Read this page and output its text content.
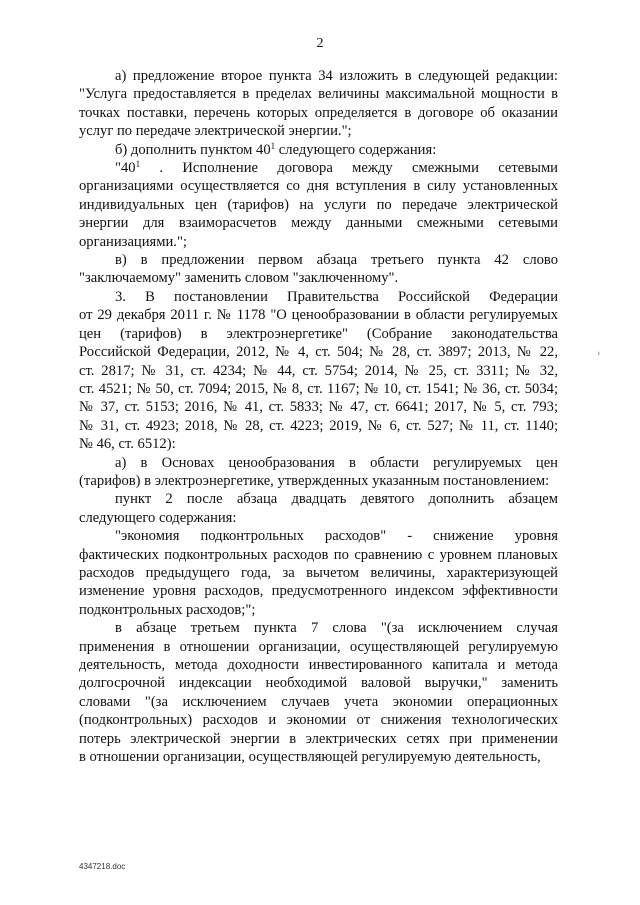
2
›
а) предложение второе пункта 34 изложить в следующей редакции:
"Услуга предоставляется в пределах величины максимальной мощности в
точках поставки, перечень которых определяется в договоре об оказании
услуг по передаче электрической энергии.";
б) дополнить пунктом $40^1$ следующего содержания:
"$40^1$ . Исполнение договора между смежными сетевыми
организациями осуществляется со дня вступления в силу установленных
индивидуальных цен (тарифов) на услуги по передаче электрической
энергии для взаиморасчетов между данными смежными сетевыми
организациями.";
в) в предложении первом абзаца третьего пункта 42 слово
"заключаемому" заменить словом "заключенному".
3. В постановлении Правительства Российской Федерации
от 29 декабря 2011 г. № 1178 "О ценообразовании в области регулируемых
цен (тарифов) в электроэнергетике" (Собрание законодательства
Российской Федерации, 2012, № 4, ст. 504; № 28, ст. 3897; 2013, № 22,
ст. 2817; № 31, ст. 4234; № 44, ст. 5754; 2014, № 25, ст. 3311; № 32,
ст. 4521; № 50, ст. 7094; 2015, № 8, ст. 1167; № 10, ст. 1541; № 36, ст. 5034;
№ 37, ст. 5153; 2016, № 41, ст. 5833; № 47, ст. 6641; 2017, № 5, ст. 793;
№ 31, ст. 4923; 2018, № 28, ст. 4223; 2019, № 6, ст. 527; № 11, ст. 1140;
№ 46, ст. 6512):
а) в Основах ценообразования в области регулируемых цен
(тарифов) в электроэнергетике, утвержденных указанным постановлением:
пункт 2 после абзаца двадцать девятого дополнить абзацем
следующего содержания:
"экономия подконтрольных расходов" - снижение уровня
фактических подконтрольных расходов по сравнению с уровнем плановых
расходов предыдущего года, за вычетом величины, характеризующей
изменение уровня расходов, предусмотренного индексом эффективности
подконтрольных расходов;";
в абзаце третьем пункта 7 слова "(за исключением случая
применения в отношении организации, осуществляющей регулируемую
деятельность, метода доходности инвестированного капитала и метода
долгосрочной индексации необходимой валовой выручки," заменить
словами "(за исключением случаев учета экономии операционных
(подконтрольных) расходов и экономии от снижения технологических
потерь электрической энергии в электрических сетях при применении
в отношении организации, осуществляющей регулируемую деятельность,
4347218.doc
